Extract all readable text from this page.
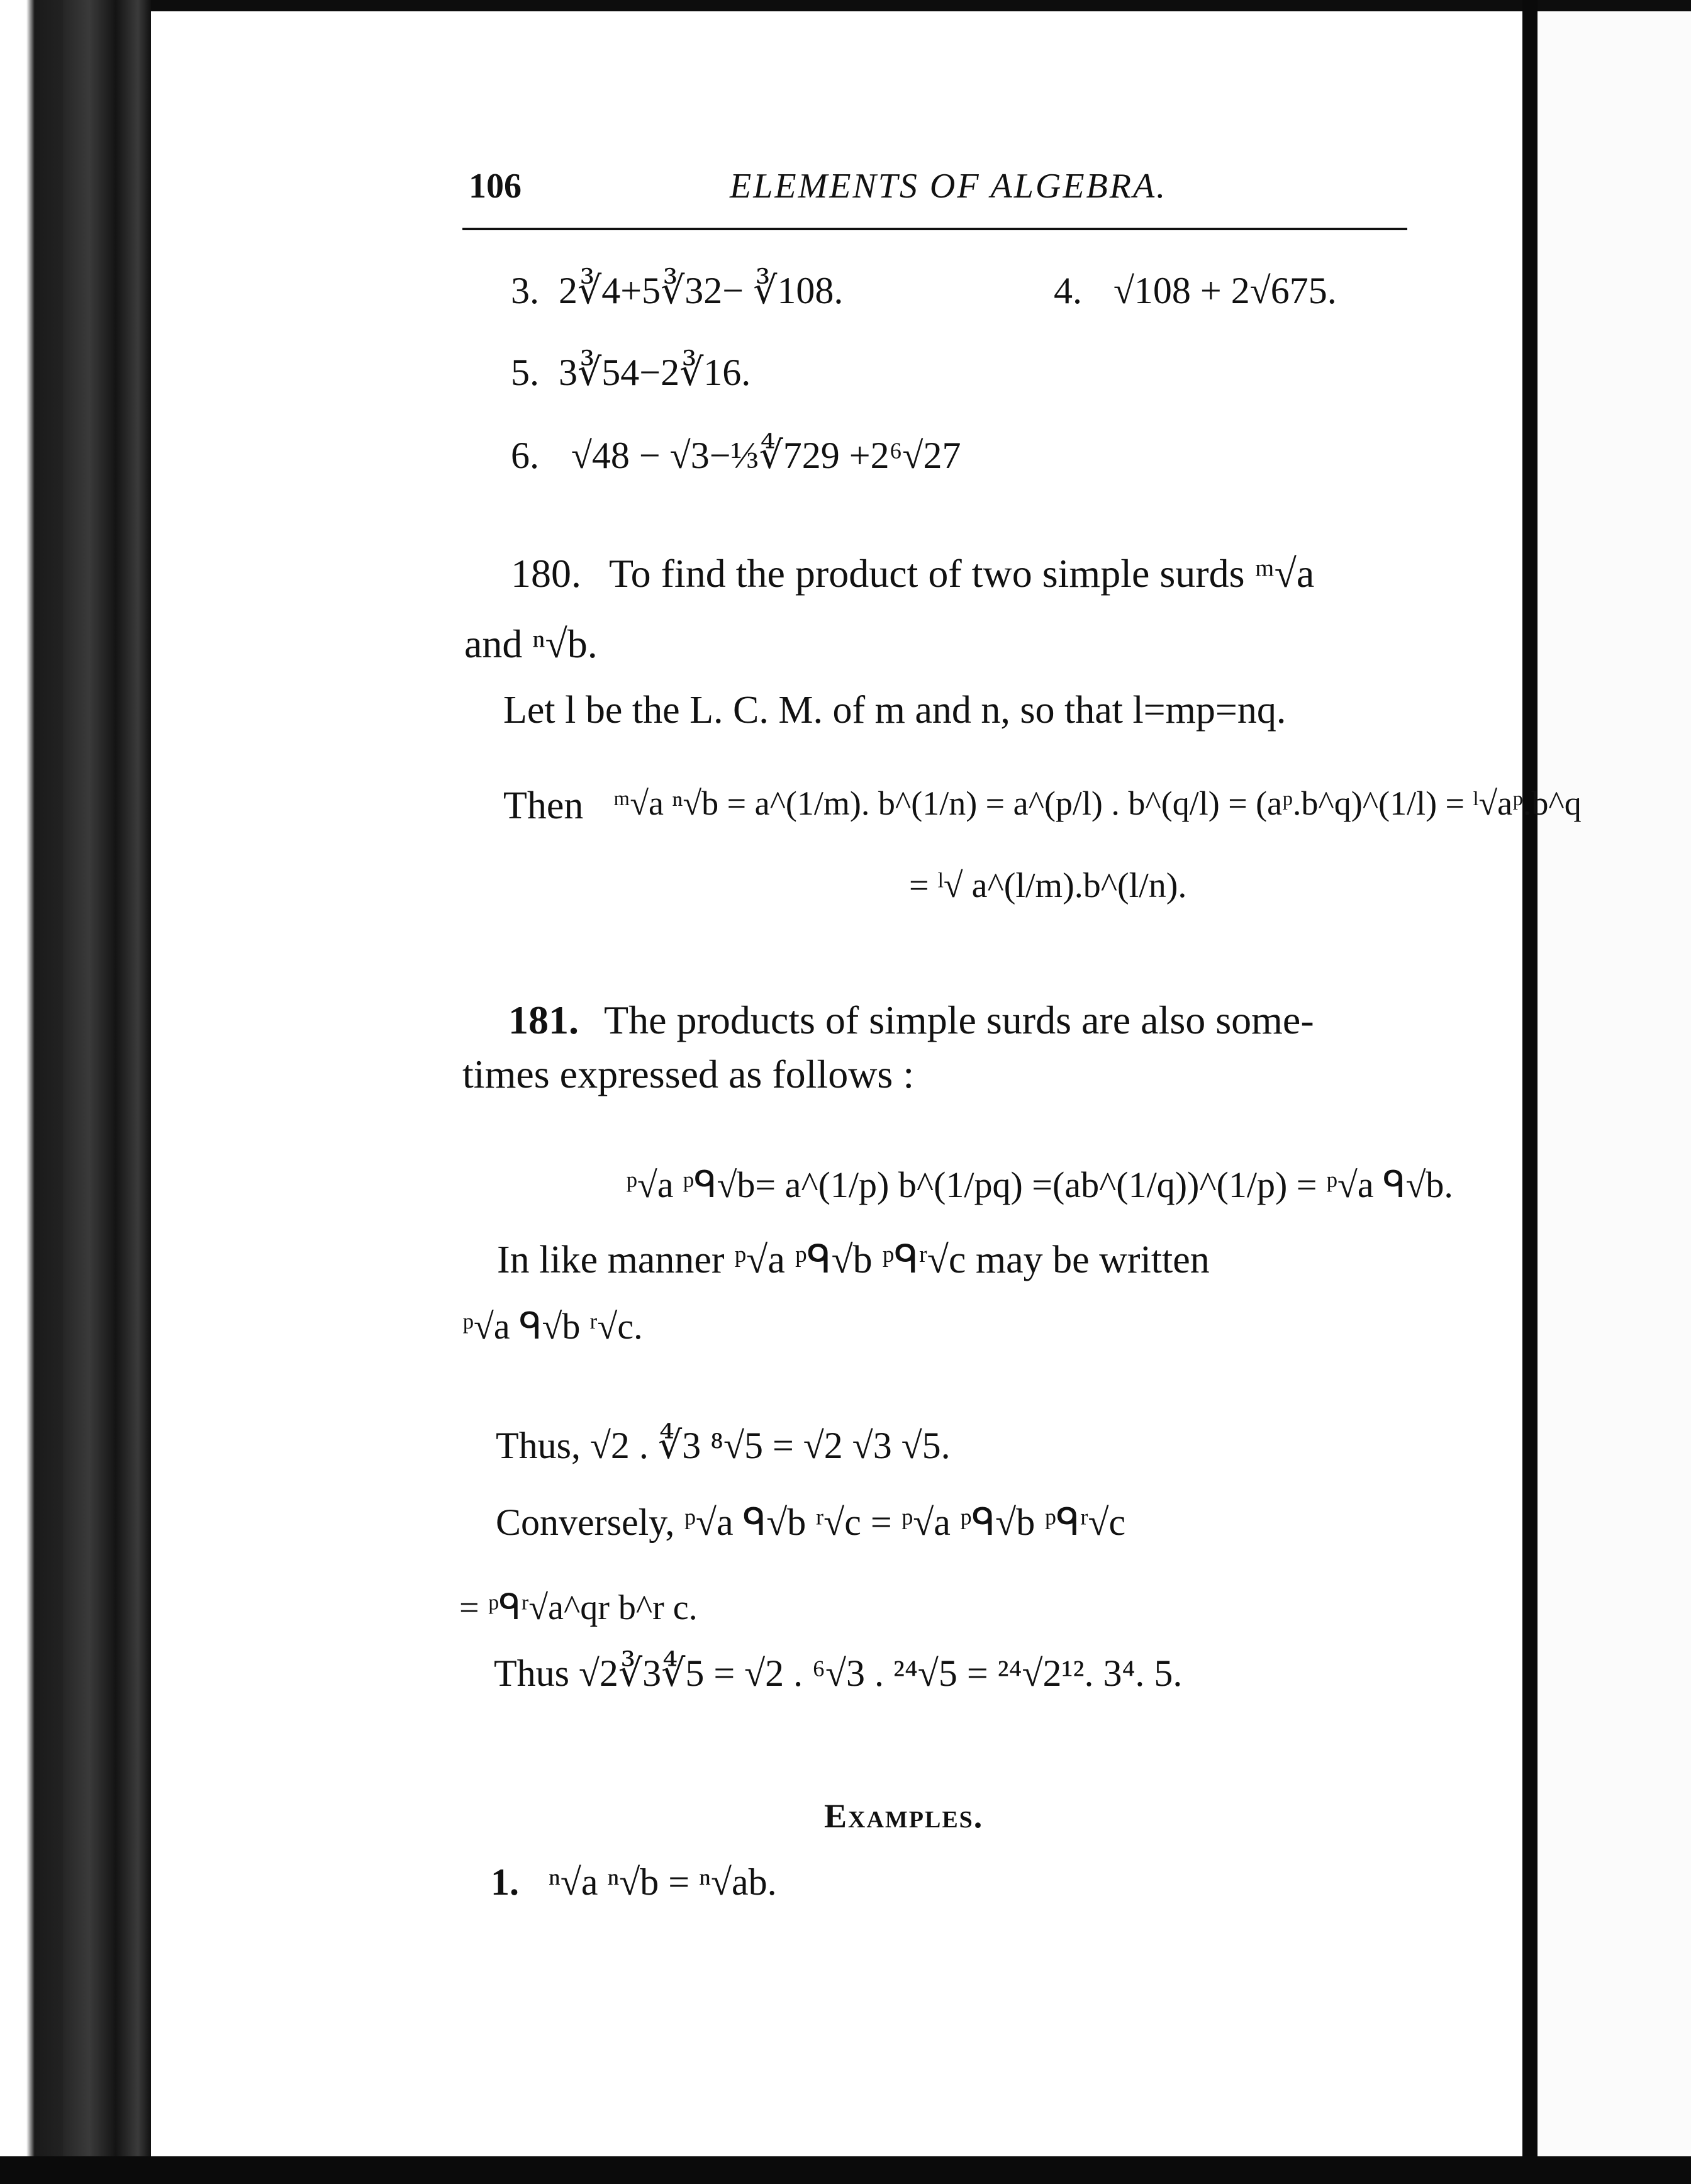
106	ELEMENTS OF ALGEBRA.
3. 2∛4+5∛32− ∛108.	4. √108 + 2√675.
5. 3∛54−2∛16.
6. √48 − √3−⅓∜729 +2⁶√27
180. To find the product of two simple surds ᵐ√a
and ⁿ√b.
Let l be the L. C. M. of m and n, so that l=mp=nq.
Then ᵐ√a ⁿ√b = a^(1/m). b^(1/n) = a^(p/l) . b^(q/l) = (aᵖ.b^q)^(1/l) = ˡ√aᵖ.b^q
= ˡ√ a^(l/m).b^(l/n).
181. The products of simple surds are also some-
times expressed as follows :
ᵖ√a ᵖᑫ√b= a^(1/p) b^(1/pq) =(ab^(1/q))^(1/p) = ᵖ√a ᑫ√b.
In like manner ᵖ√a ᵖᑫ√b ᵖᑫʳ√c may be written
ᵖ√a ᑫ√b ʳ√c.
Thus, √2 . ∜3 ⁸√5 = √2 √3 √5.
Conversely, ᵖ√a ᑫ√b ʳ√c = ᵖ√a ᵖᑫ√b ᵖᑫʳ√c
= ᵖᑫʳ√a^qr b^r c.
Thus √2∛3∜5 = √2 . ⁶√3 . ²⁴√5 = ²⁴√2¹². 3⁴. 5.
Examples.
1. ⁿ√a ⁿ√b = ⁿ√ab.
